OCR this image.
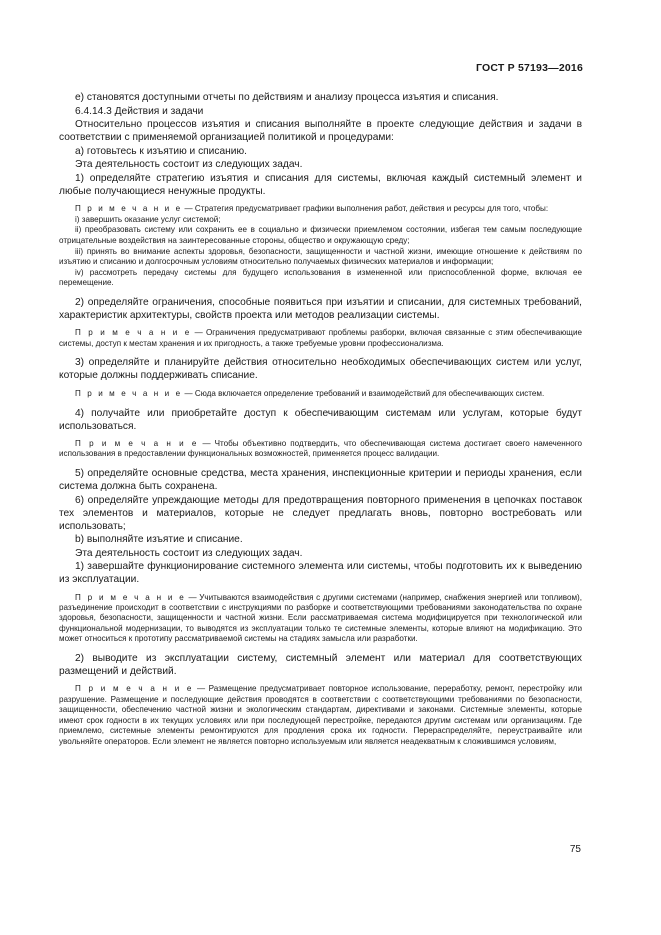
ГОСТ Р 57193—2016

е) становятся доступными отчеты по действиям и анализу процесса изъятия и списания.

6.4.14.3 Действия и задачи

Относительно процессов изъятия и списания выполняйте в проекте следующие действия и задачи в соответствии с применяемой организацией политикой и процедурами:

а) готовьтесь к изъятию и списанию.

Эта деятельность состоит из следующих задач.

1) определяйте стратегию изъятия и списания для системы, включая каждый системный элемент и любые получающиеся ненужные продукты.

П р и м е ч а н и е — Стратегия предусматривает графики выполнения работ, действия и ресурсы для того, чтобы:

i) завершить оказание услуг системой;

ii) преобразовать систему или сохранить ее в социально и физически приемлемом состоянии, избегая тем самым последующие отрицательные воздействия на заинтересованные стороны, общество и окружающую среду;

iii) принять во внимание аспекты здоровья, безопасности, защищенности и частной жизни, имеющие отношение к действиям по изъятию и списанию и долгосрочным условиям относительно получаемых физических материалов и информации;

iv) рассмотреть передачу системы для будущего использования в измененной или приспособленной форме, включая ее перемещение.

2) определяйте ограничения, способные появиться при изъятии и списании, для системных требований, характеристик архитектуры, свойств проекта или методов реализации системы.

П р и м е ч а н и е — Ограничения предусматривают проблемы разборки, включая связанные с этим обеспечивающие системы, доступ к местам хранения и их пригодность, а также требуемые уровни профессионализма.

3) определяйте и планируйте действия относительно необходимых обеспечивающих систем или услуг, которые должны поддерживать списание.

П р и м е ч а н и е — Сюда включается определение требований и взаимодействий для обеспечивающих систем.

4) получайте или приобретайте доступ к обеспечивающим системам или услугам, которые будут использоваться.

П р и м е ч а н и е — Чтобы объективно подтвердить, что обеспечивающая система достигает своего намеченного использования в предоставлении функциональных возможностей, применяется процесс валидации.

5) определяйте основные средства, места хранения, инспекционные критерии и периоды хранения, если система должна быть сохранена.

6) определяйте упреждающие методы для предотвращения повторного применения в цепочках поставок тех элементов и материалов, которые не следует предлагать вновь, повторно востребовать или использовать;

b) выполняйте изъятие и списание.

Эта деятельность состоит из следующих задач.

1) завершайте функционирование системного элемента или системы, чтобы подготовить их к выведению из эксплуатации.

П р и м е ч а н и е — Учитываются взаимодействия с другими системами (например, снабжения энергией или топливом), разъединение происходит в соответствии с инструкциями по разборке и соответствующими требованиями законодательства по охране здоровья, безопасности, защищенности и частной жизни. Если рассматриваемая система модифицируется при технологической или функциональной модернизации, то выводятся из эксплуатации только те системные элементы, которые влияют на модификацию. Это может относиться к прототипу рассматриваемой системы на стадиях замысла или разработки.

2) выводите из эксплуатации систему, системный элемент или материал для соответствующих размещений и действий.

П р и м е ч а н и е — Размещение предусматривает повторное использование, переработку, ремонт, перестройку или разрушение. Размещение и последующие действия проводятся в соответствии с соответствующими требованиями по безопасности, защищенности, обеспечению частной жизни и экологическим стандартам, директивами и законами. Системные элементы, которые имеют срок годности в их текущих условиях или при последующей перестройке, передаются другим системам или организациям. Где приемлемо, системные элементы ремонтируются для продления срока их годности. Перераспределяйте, переустраивайте или увольняйте операторов. Если элемент не является повторно используемым или является неадекватным к сложившимся условиям,

75
